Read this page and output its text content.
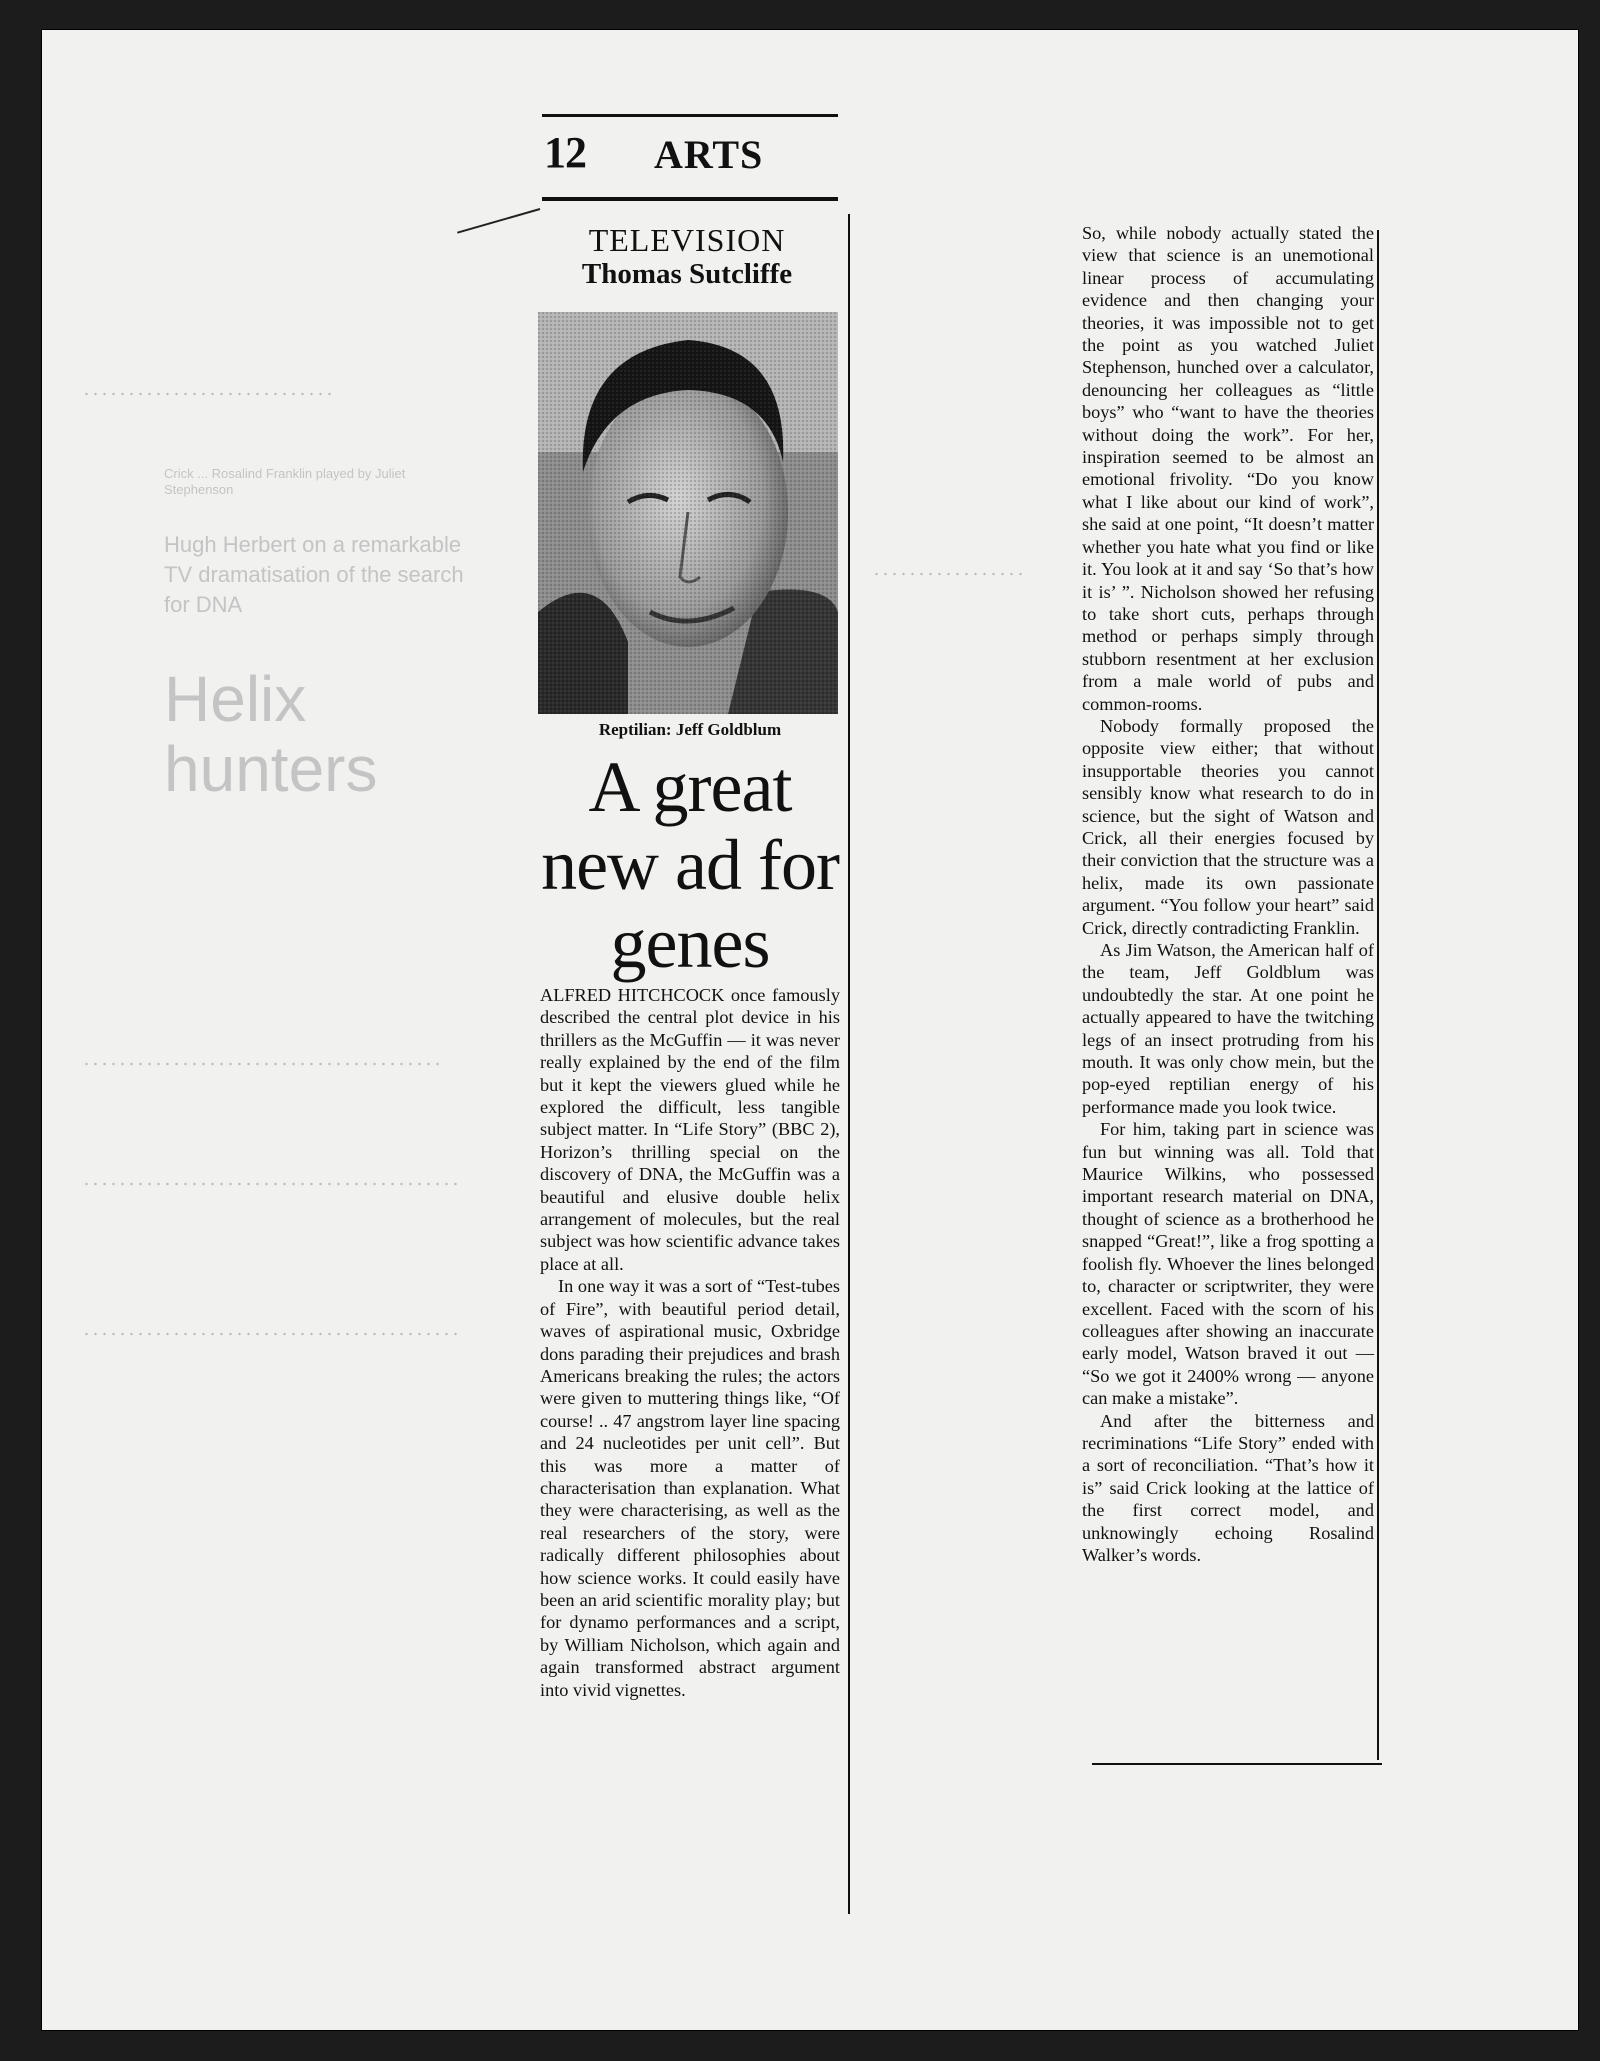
Crick ... Rosalind Franklin played by Juliet Stephenson
Hugh Herbert on a remarkable TV dramatisation of the search for DNA
Helix hunters
12 ARTS
TELEVISION
Thomas Sutcliffe
Reptilian: Jeff Goldblum
A great new ad for genes

ALFRED HITCHCOCK once famously described the central plot device in his thrillers as the McGuffin — it was never really explained by the end of the film but it kept the viewers glued while he explored the difficult, less tangible subject matter. In “Life Story” (BBC 2), Horizon’s thrilling special on the discovery of DNA, the McGuffin was a beautiful and elusive double helix arrangement of molecules, but the real subject was how scientific advance takes place at all.

In one way it was a sort of “Test-tubes of Fire”, with beautiful period detail, waves of aspirational music, Oxbridge dons parading their prejudices and brash Americans breaking the rules; the actors were given to muttering things like, “Of course! .. 47 angstrom layer line spacing and 24 nucleotides per unit cell”. But this was more a matter of characterisation than explanation. What they were characterising, as well as the real researchers of the story, were radically different philosophies about how science works. It could easily have been an arid scientific morality play; but for dynamo performances and a script, by William Nicholson, which again and again transformed abstract argument into vivid vignettes.

So, while nobody actually stated the view that science is an unemotional linear process of accumulating evidence and then changing your theories, it was impossible not to get the point as you watched Juliet Stephenson, hunched over a calculator, denouncing her colleagues as “little boys” who “want to have the theories without doing the work”. For her, inspiration seemed to be almost an emotional frivolity. “Do you know what I like about our kind of work”, she said at one point, “It doesn’t matter whether you hate what you find or like it. You look at it and say ‘So that’s how it is’ ”. Nicholson showed her refusing to take short cuts, perhaps through method or perhaps simply through stubborn resentment at her exclusion from a male world of pubs and common-rooms.

Nobody formally proposed the opposite view either; that without insupportable theories you cannot sensibly know what research to do in science, but the sight of Watson and Crick, all their energies focused by their conviction that the structure was a helix, made its own passionate argument. “You follow your heart” said Crick, directly contradicting Franklin.

As Jim Watson, the American half of the team, Jeff Goldblum was undoubtedly the star. At one point he actually appeared to have the twitching legs of an insect protruding from his mouth. It was only chow mein, but the pop-eyed reptilian energy of his performance made you look twice.

For him, taking part in science was fun but winning was all. Told that Maurice Wilkins, who possessed important research material on DNA, thought of science as a brotherhood he snapped “Great!”, like a frog spotting a foolish fly. Whoever the lines belonged to, character or scriptwriter, they were excellent. Faced with the scorn of his colleagues after showing an inaccurate early model, Watson braved it out — “So we got it 2400% wrong — anyone can make a mistake”.

And after the bitterness and recriminations “Life Story” ended with a sort of reconciliation. “That’s how it is” said Crick looking at the lattice of the first correct model, and unknowingly echoing Rosalind Walker’s words.
